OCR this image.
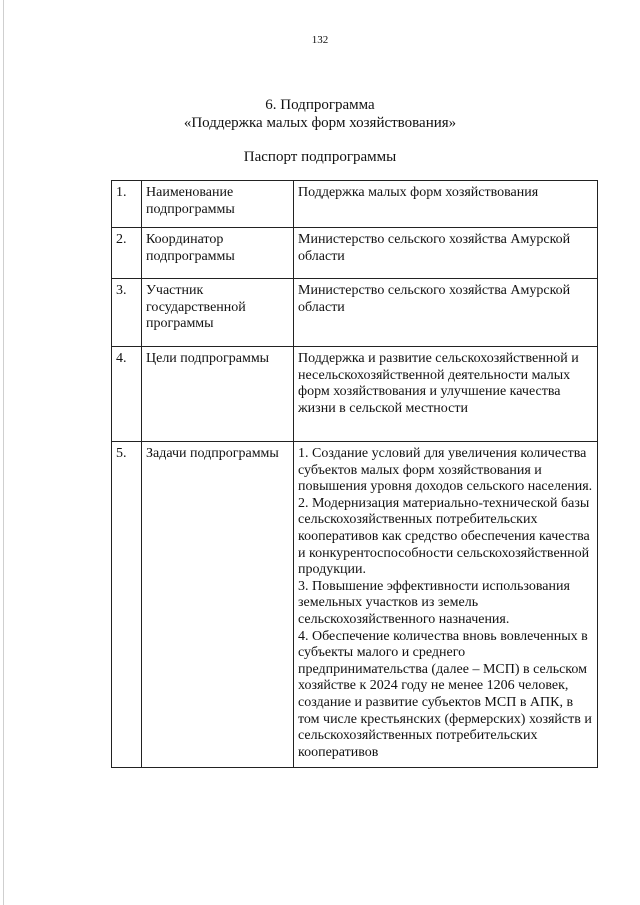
132
6. Подпрограмма
«Поддержка малых форм хозяйствования»
Паспорт подпрограммы
1.	Наименование подпрограммы	Поддержка малых форм хозяйствования
2.	Координатор подпрограммы	Министерство сельского хозяйства Амурской области
3.	Участник государственной программы	Министерство сельского хозяйства Амурской области
4.	Цели подпрограммы	Поддержка и развитие сельскохозяйственной и несельскохозяйственной деятельности малых форм хозяйствования и улучшение качества жизни в сельской местности
5.	Задачи подпрограммы	1. Создание условий для увеличения количества субъектов малых форм хозяйствования и повышения уровня доходов сельского населения.
2. Модернизация материально-технической базы сельскохозяйственных потребительских кооперативов как средство обеспечения качества и конкурентоспособности сельскохозяйственной продукции.
3. Повышение эффективности использования земельных участков из земель сельскохозяйственного назначения.
4. Обеспечение количества вновь вовлеченных в субъекты малого и среднего предпринимательства (далее – МСП) в сельском хозяйстве к 2024 году не менее 1206 человек, создание и развитие субъектов МСП в АПК, в том числе крестьянских (фермерских) хозяйств и сельскохозяйственных потребительских кооперативов
